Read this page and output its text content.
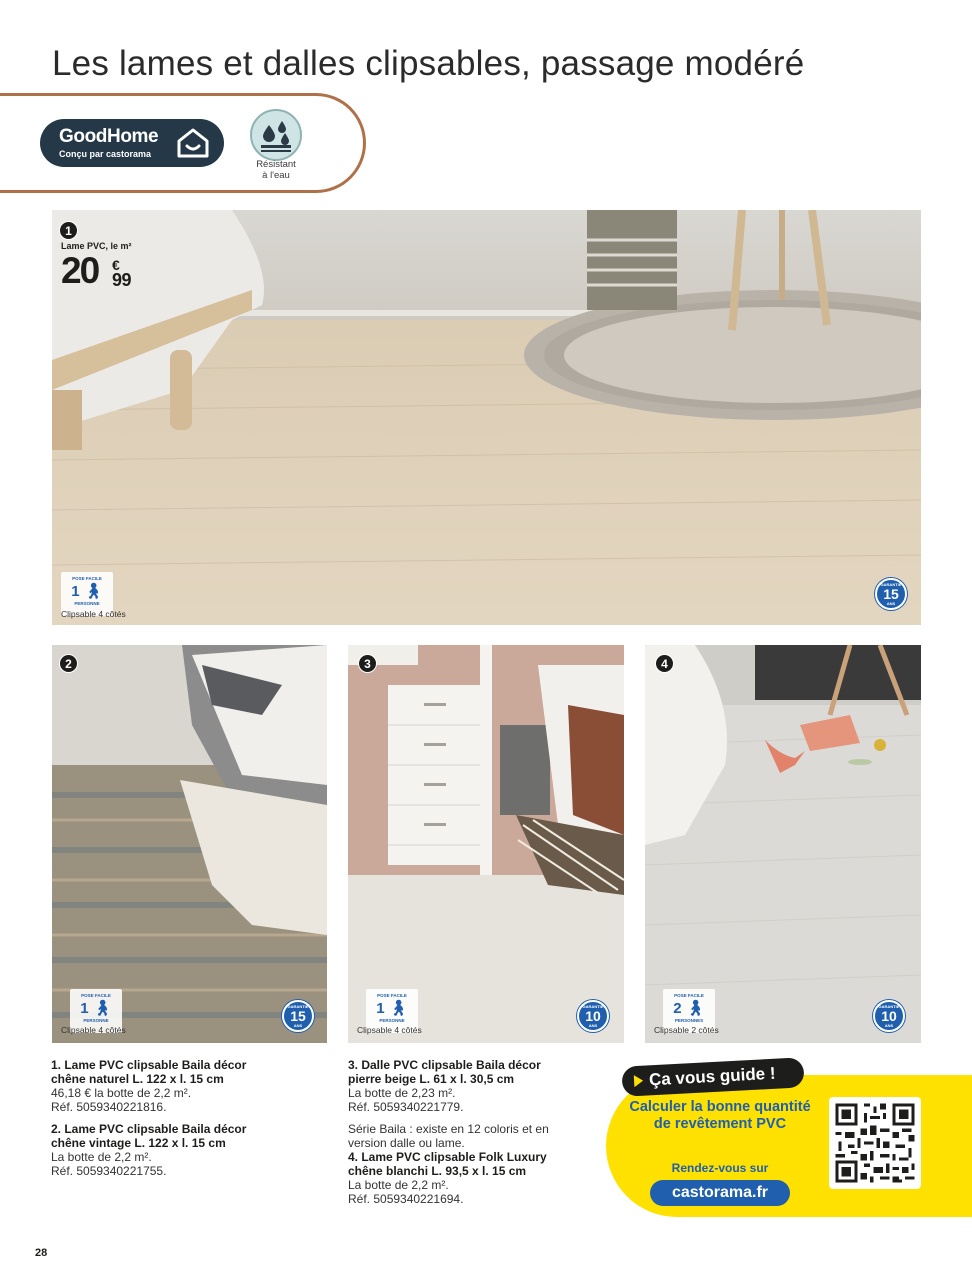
Les lames et dalles clipsables, passage modéré
GoodHome
Conçu par castorama
Résistant
à l'eau
1
POSE FACILE
1 🚶︎
PERSONNE
GARANTIE
15
ANS
Lame PVC, le m²
20 €
99
Clipsable 4 côtés
2
POSE FACILE
1 🚶︎
PERSONNE
Clipsable 4 côtés
GARANTIE
15
ANS
3
POSE FACILE
1 🚶︎
PERSONNE
Clipsable 4 côtés
GARANTIE
10
ANS
4
POSE FACILE
2 🚶︎
PERSONNES
Clipsable 2 côtés
GARANTIE
10
ANS
1. Lame PVC clipsable Baila décor chêne naturel L. 122 x l. 15 cm
46,18 € la botte de 2,2 m².
Réf. 5059340221816.
2. Lame PVC clipsable Baila décor chêne vintage L. 122 x l. 15 cm
La botte de 2,2 m².
Réf. 5059340221755.
3. Dalle PVC clipsable Baila décor pierre beige L. 61 x l. 30,5 cm
La botte de 2,23 m².
Réf. 5059340221779.
Série Baila : existe en 12 coloris et en version dalle ou lame.
4. Lame PVC clipsable Folk Luxury chêne blanchi L. 93,5 x l. 15 cm
La botte de 2,2 m².
Réf. 5059340221694.
Ça vous guide !
Calculer la bonne quantité de revêtement PVC
Rendez-vous sur
castorama.fr
28
